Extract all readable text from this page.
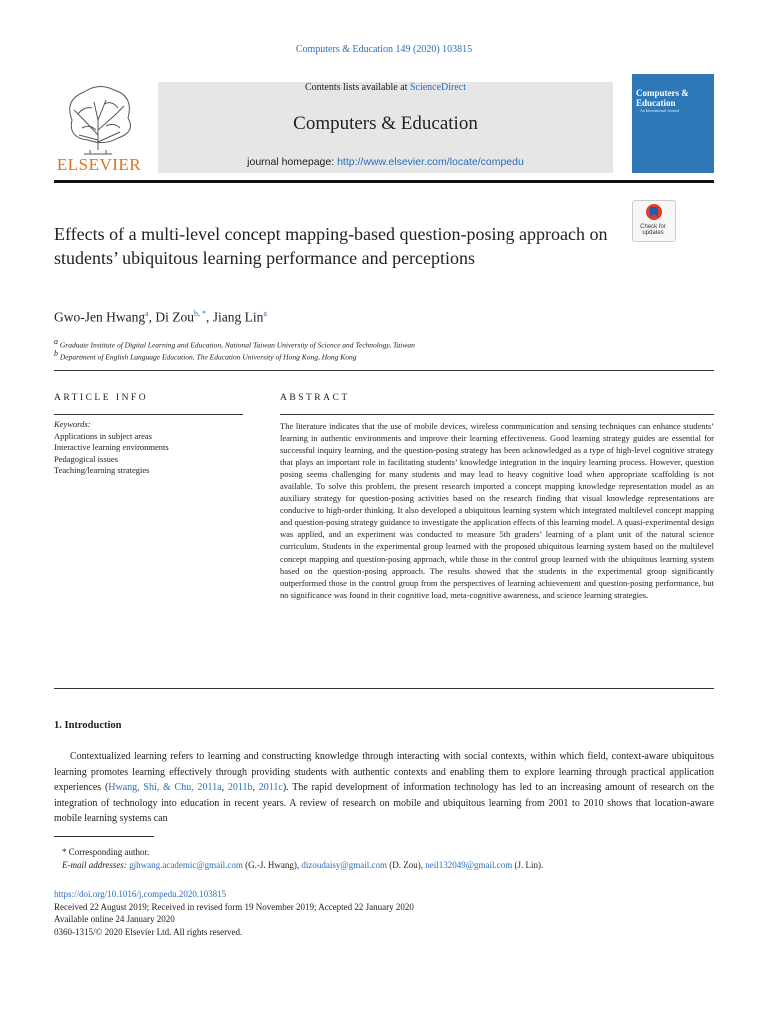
Computers & Education 149 (2020) 103815
ELSEVIER
Contents lists available at ScienceDirect
Computers & Education
journal homepage: http://www.elsevier.com/locate/compedu
Computers & Education
An International Journal
Check for updates
Effects of a multi-level concept mapping-based question-posing approach on students’ ubiquitous learning performance and perceptions
Gwo-Jen Hwang$^a$, Di Zou$^{b, *}$, Jiang Lin$^a$
a Graduate Institute of Digital Learning and Education, National Taiwan University of Science and Technology, Taiwan
b Department of English Language Education, The Education University of Hong Kong, Hong Kong
ARTICLE INFO
Keywords:
Applications in subject areas
Interactive learning environments
Pedagogical issues
Teaching/learning strategies
ABSTRACT
The literature indicates that the use of mobile devices, wireless communication and sensing techniques can enhance students’ learning in authentic environments and improve their learning effectiveness. Good learning strategy guides are essential for successful inquiry learning, and the question-posing strategy has been acknowledged as a type of high-level cognitive strategy that plays an important role in facilitating students’ knowledge integration in the inquiry learning process. However, question posing seems challenging for many students and may lead to heavy cognitive load when appropriate scaffolding is not available. To solve this problem, the present research imported a concept mapping knowledge representation model as an auxiliary strategy for question-posing activities based on the research finding that visual knowledge representations are conducive to high-order thinking. It also developed a ubiquitous learning system which integrated multilevel concept mapping and question-posing strategy guidance to investigate the application effects of this learning model. A quasi-experimental design was applied, and an experiment was conducted to measure 5th graders’ learning of a plant unit of the natural science curriculum. Students in the experimental group learned with the proposed ubiquitous learning system based on the multilevel concept mapping and question-posing approach, while those in the control group learned with the ubiquitous learning system based on the question-posing approach. The results showed that the students in the experimental group significantly outperformed those in the control group from the perspectives of learning achievement and question-posing performance, but no significance was found in their cognitive load, meta-cognitive awareness, and science learning strategies.
1. Introduction
Contextualized learning refers to learning and constructing knowledge through interacting with social contexts, within which field, context-aware ubiquitous learning promotes learning effectively through providing students with authentic contexts and enabling them to explore learning through practical application experiences (Hwang, Shi, & Chu, 2011a, 2011b, 2011c). The rapid development of information technology has led to an increasing amount of research on the integration of technology into education in recent years. A review of research on mobile and ubiquitous learning from 2001 to 2010 shows that location-aware mobile learning systems can
* Corresponding author.
E-mail addresses: gjhwang.academic@gmail.com (G.-J. Hwang), dizoudaisy@gmail.com (D. Zou), neil132049@gmail.com (J. Lin).
https://doi.org/10.1016/j.compedu.2020.103815
Received 22 August 2019; Received in revised form 19 November 2019; Accepted 22 January 2020
Available online 24 January 2020
0360-1315/© 2020 Elsevier Ltd. All rights reserved.
